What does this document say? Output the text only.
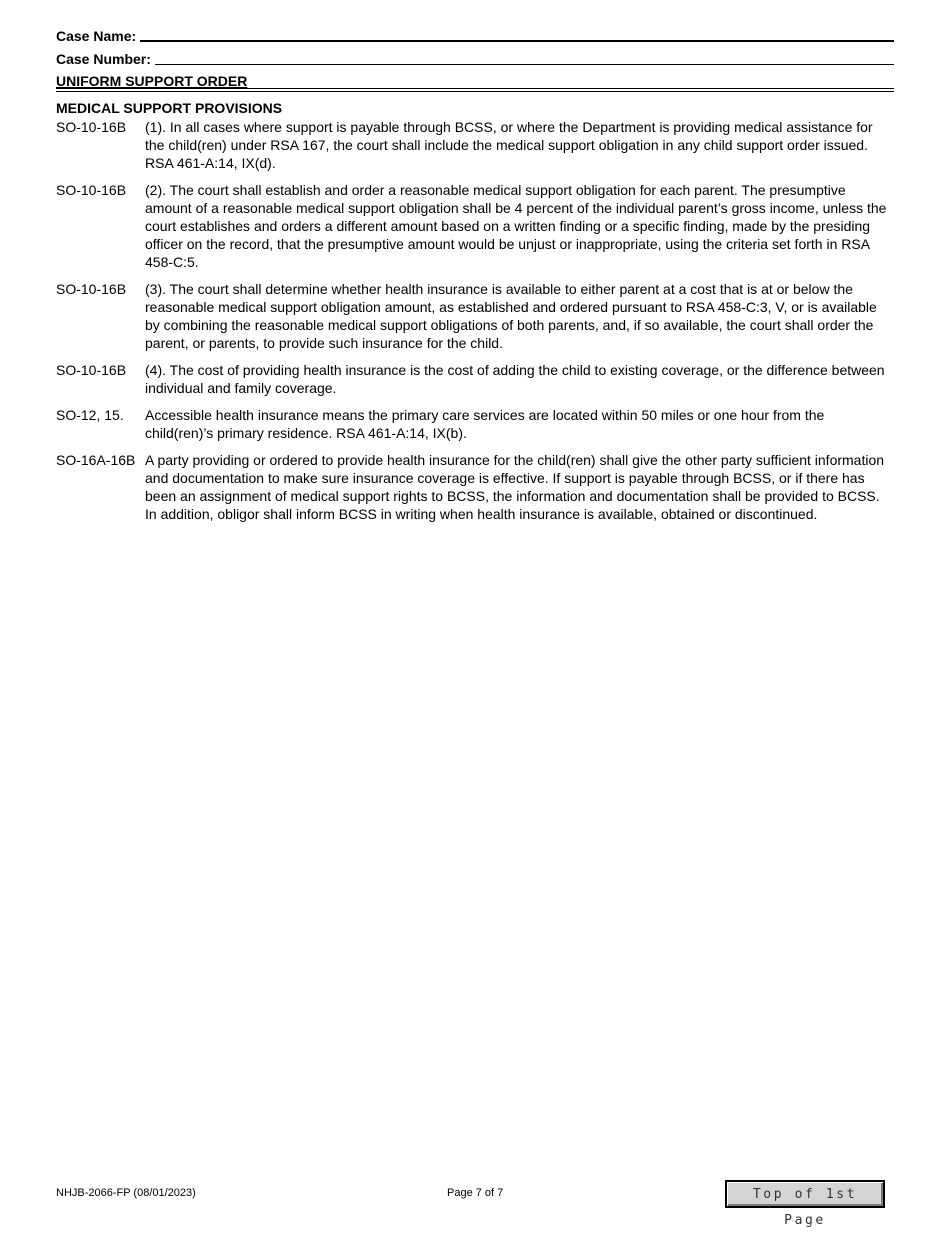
Case Name:
Case Number:
UNIFORM SUPPORT ORDER
MEDICAL SUPPORT PROVISIONS
SO-10-16B	(1). In all cases where support is payable through BCSS, or where the Department is providing medical assistance for the child(ren) under RSA 167, the court shall include the medical support obligation in any child support order issued. RSA 461-A:14, IX(d).
SO-10-16B	(2). The court shall establish and order a reasonable medical support obligation for each parent. The presumptive amount of a reasonable medical support obligation shall be 4 percent of the individual parent’s gross income, unless the court establishes and orders a different amount based on a written finding or a specific finding, made by the presiding officer on the record, that the presumptive amount would be unjust or inappropriate, using the criteria set forth in RSA 458-C:5.
SO-10-16B	(3). The court shall determine whether health insurance is available to either parent at a cost that is at or below the reasonable medical support obligation amount, as established and ordered pursuant to RSA 458-C:3, V, or is available by combining the reasonable medical support obligations of both parents, and, if so available, the court shall order the parent, or parents, to provide such insurance for the child.
SO-10-16B	(4). The cost of providing health insurance is the cost of adding the child to existing coverage, or the difference between individual and family coverage.
SO-12, 15.	Accessible health insurance means the primary care services are located within 50 miles or one hour from the child(ren)’s primary residence. RSA 461-A:14, IX(b).
SO-16A-16B A party providing or ordered to provide health insurance for the child(ren) shall give the other party sufficient information and documentation to make sure insurance coverage is effective. If support is payable through BCSS, or if there has been an assignment of medical support rights to BCSS, the information and documentation shall be provided to BCSS. In addition, obligor shall inform BCSS in writing when health insurance is available, obtained or discontinued.
NHJB-2066-FP (08/01/2023)	Page 7 of 7	Top of 1st Page
